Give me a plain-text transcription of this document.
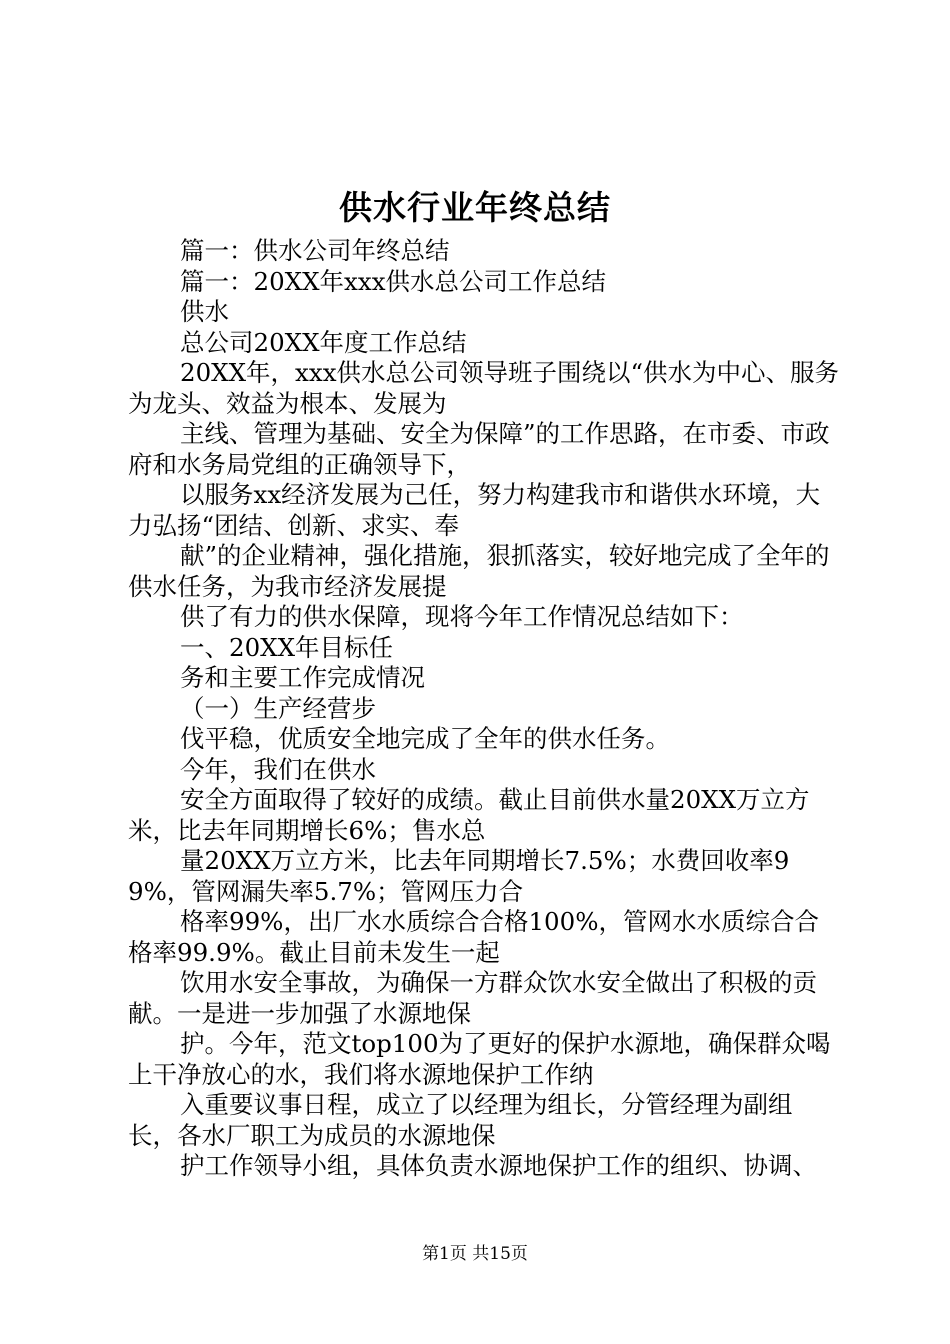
供水行业年终总结

篇一：供水公司年终总结

篇一：20XX年xxx供水总公司工作总结

供水

总公司20XX年度工作总结

20XX年，xxx供水总公司领导班子围绕以“供水为中心、服务为龙头、效益为根本、发展为

主线、管理为基础、安全为保障”的工作思路，在市委、市政府和水务局党组的正确领导下，

以服务xx经济发展为己任，努力构建我市和谐供水环境，大力弘扬“团结、创新、求实、奉

献”的企业精神，强化措施，狠抓落实，较好地完成了全年的供水任务，为我市经济发展提

供了有力的供水保障，现将今年工作情况总结如下：

一、20XX年目标任

务和主要工作完成情况

（一）生产经营步

伐平稳，优质安全地完成了全年的供水任务。

今年，我们在供水

安全方面取得了较好的成绩。截止目前供水量20XX万立方米，比去年同期增长6%；售水总

量20XX万立方米，比去年同期增长7.5%；水费回收率99%，管网漏失率5.7%；管网压力合

格率99%，出厂水水质综合合格100%，管网水水质综合合格率99.9%。截止目前未发生一起

饮用水安全事故，为确保一方群众饮水安全做出了积极的贡献。一是进一步加强了水源地保

护。今年，范文top100为了更好的保护水源地，确保群众喝上干净放心的水，我们将水源地保护工作纳

入重要议事日程，成立了以经理为组长，分管经理为副组长，各水厂职工为成员的水源地保

护工作领导小组，具体负责水源地保护工作的组织、协调、

第1页 共15页
